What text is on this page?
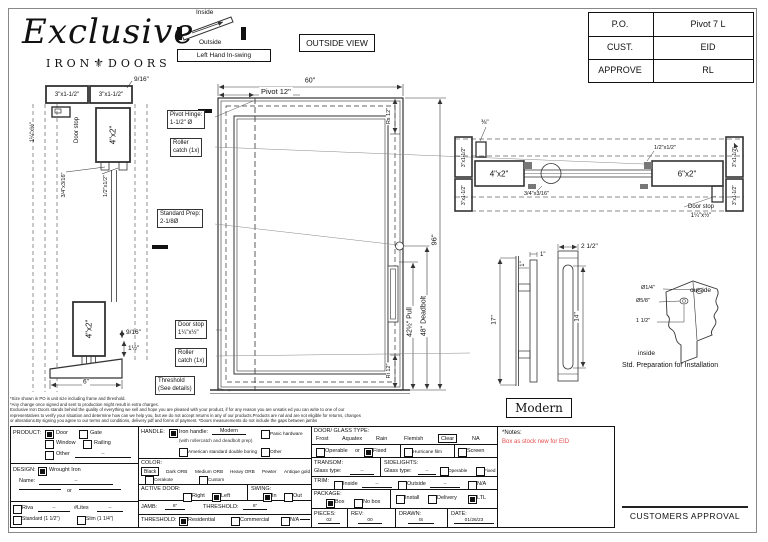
Exclusive
IRON⚜DOORS
Inside
Outside
Left Hand In-swing
OUTSIDE VIEW
P.O.	Pivot 7 L
CUST.	EID
APPROVE	RL
9/16"
3"x1-1/2"	3"x1-1/2"
Door stop
1¼"x½"	4"x2"
3/4"x3/16"	1/2"x1/2"
4"x2"	9/16"
1½"
6"
60"
Pivot 12"
Pivot Hinge:
1-1/2" Ø
Roller
catch (1x)
Standard Prep:
2-1/8Ø
Door stop
1¼"x½"
Roller
catch (1x)
Threshold
(See details)
Rs 12"
Ri 12"
96"
48" Deadbolt
42½" Pull
⅜"
3"x1-1/2"
3"x1-1/2"
3"x1-1/2"
3"x1-1/2"
4"x2"	6"x2"
1/2"x1/2"
3/4"x3/16"
Door stop
1¼"x½"
17"
1"
1"
2 1/2"
14"
Modern
Ø1/4"
Ø5/8"
1 1/2"
outside
inside
Std. Preparation for Installation
*Size shown in PO is unit size including frame and threshold.
*Any change once signed and sent to production might result in extra charges.
Exclusive Iron Doors stands behind the quality of everything we sell and hope you are pleased with your product, if for any reason you are unsatis ed you can write to one of our
representatives to verify your situation and determine how can we help you, but we do not accept returns in any of our products.Products are nal and are not eligible for returns, changes
or alterations.By signing you agree to our terms and conditions, delivery pdf and forms of payment. *Doors measurements do not include the gaps between jambs
PRODUCT:	Door	Gate
Window	Railing
Other	--
DESIGN: Wrought Iron
Name:	--
or
Riva	--	#Lites	--
Standard (1 1/2")	Slim (1 1/4")
HANDLE:	Iron handle:	Modern
(with rollercatch and deadbolt prep)
American standard double boring
Panic hardware
Other
COLOR:
Black	Dark ORB Medium ORB Heavy ORB Pewter Antique gold
Cerakote	Custom
ACTIVE DOOR:
Right	Left
SWING:
In	Out
JAMB:	6"	THRESHOLD:	6"
THRESHOLD: Residential	Commercial	N/A
DOOR/ GLASS TYPE:
Frost Aquatex	Rain	Flemish	Clear	NA
Operable or Fixed	Hurricane film	Screen
TRANSOM:
Glass type:	--
SIDELIGHTS:
Glass type:	--	Operable	Fixed
TRIM:	Inside	--	Outside	--	N/A
PACKAGE:
Box	No box
Install	Delivery	LTL
PIECES:
02
REV:
00
DRAWN:
IS
DATE:
01/26/23
*Notes:
Box as stock new for EID
CUSTOMERS APPROVAL
